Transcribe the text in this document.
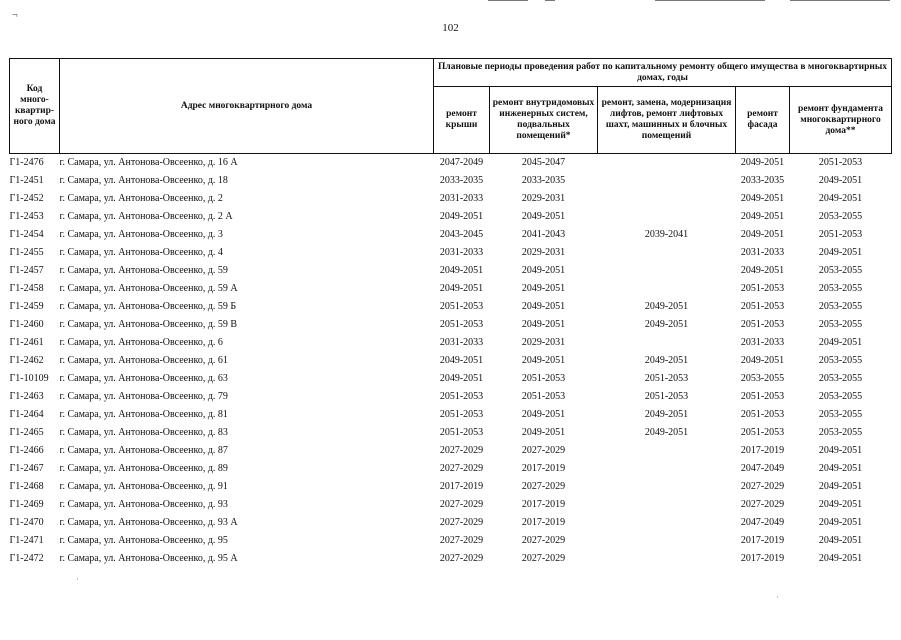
¬
102
Код много-квартир-ного дома	Адрес многоквартирного дома	Плановые периоды проведения работ по капитальному ремонту общего имущества в многоквартирных домах, годы				
		ремонт крыши	ремонт внутридомовых инженерных систем, подвальных помещений*	ремонт, замена, модернизация лифтов, ремонт лифтовых шахт, машинных и блочных помещений	ремонт фасада	ремонт фундамента многоквартирного дома**
Г1-2476	г. Самара, ул. Антонова-Овсеенко, д. 16 А	2047-2049	2045-2047		2049-2051	2051-2053
Г1-2451	г. Самара, ул. Антонова-Овсеенко, д. 18	2033-2035	2033-2035		2033-2035	2049-2051
Г1-2452	г. Самара, ул. Антонова-Овсеенко, д. 2	2031-2033	2029-2031		2049-2051	2049-2051
Г1-2453	г. Самара, ул. Антонова-Овсеенко, д. 2 А	2049-2051	2049-2051		2049-2051	2053-2055
Г1-2454	г. Самара, ул. Антонова-Овсеенко, д. 3	2043-2045	2041-2043	2039-2041	2049-2051	2051-2053
Г1-2455	г. Самара, ул. Антонова-Овсеенко, д. 4	2031-2033	2029-2031		2031-2033	2049-2051
Г1-2457	г. Самара, ул. Антонова-Овсеенко, д. 59	2049-2051	2049-2051		2049-2051	2053-2055
Г1-2458	г. Самара, ул. Антонова-Овсеенко, д. 59 А	2049-2051	2049-2051		2051-2053	2053-2055
Г1-2459	г. Самара, ул. Антонова-Овсеенко, д. 59 Б	2051-2053	2049-2051	2049-2051	2051-2053	2053-2055
Г1-2460	г. Самара, ул. Антонова-Овсеенко, д. 59 В	2051-2053	2049-2051	2049-2051	2051-2053	2053-2055
Г1-2461	г. Самара, ул. Антонова-Овсеенко, д. 6	2031-2033	2029-2031		2031-2033	2049-2051
Г1-2462	г. Самара, ул. Антонова-Овсеенко, д. 61	2049-2051	2049-2051	2049-2051	2049-2051	2053-2055
Г1-10109	г. Самара, ул. Антонова-Овсеенко, д. 63	2049-2051	2051-2053	2051-2053	2053-2055	2053-2055
Г1-2463	г. Самара, ул. Антонова-Овсеенко, д. 79	2051-2053	2051-2053	2051-2053	2051-2053	2053-2055
Г1-2464	г. Самара, ул. Антонова-Овсеенко, д. 81	2051-2053	2049-2051	2049-2051	2051-2053	2053-2055
Г1-2465	г. Самара, ул. Антонова-Овсеенко, д. 83	2051-2053	2049-2051	2049-2051	2051-2053	2053-2055
Г1-2466	г. Самара, ул. Антонова-Овсеенко, д. 87	2027-2029	2027-2029		2017-2019	2049-2051
Г1-2467	г. Самара, ул. Антонова-Овсеенко, д. 89	2027-2029	2017-2019		2047-2049	2049-2051
Г1-2468	г. Самара, ул. Антонова-Овсеенко, д. 91	2017-2019	2027-2029		2027-2029	2049-2051
Г1-2469	г. Самара, ул. Антонова-Овсеенко, д. 93	2027-2029	2017-2019		2027-2029	2049-2051
Г1-2470	г. Самара, ул. Антонова-Овсеенко, д. 93 А	2027-2029	2017-2019		2047-2049	2049-2051
Г1-2471	г. Самара, ул. Антонова-Овсеенко, д. 95	2027-2029	2027-2029		2017-2019	2049-2051
Г1-2472	г. Самара, ул. Антонова-Овсеенко, д. 95 А	2027-2029	2027-2029		2017-2019	2049-2051
·
·
